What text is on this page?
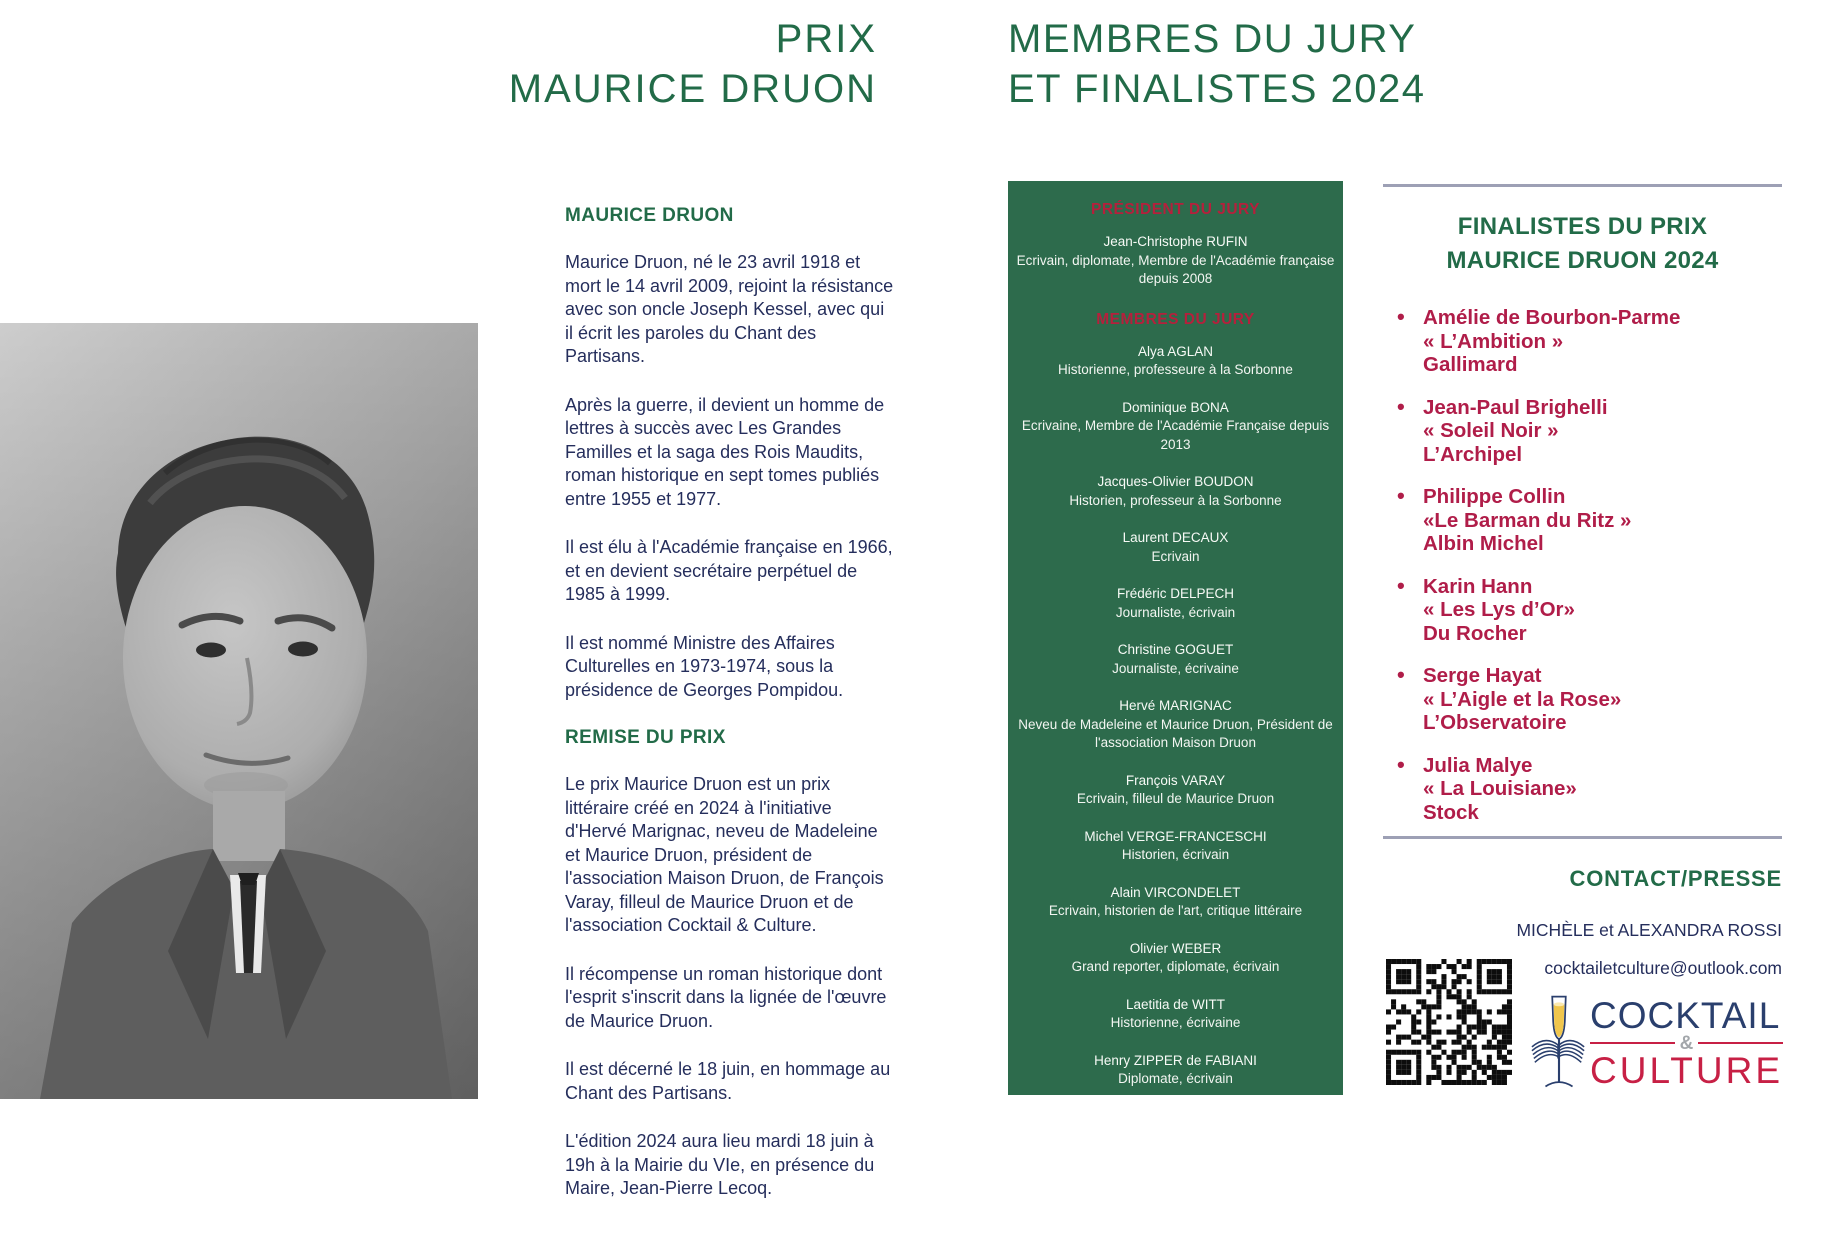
PRIX
MAURICE DRUON
MEMBRES DU JURY
ET FINALISTES 2024
MAURICE DRUON

Maurice Druon, né le 23 avril 1918 et mort le 14 avril 2009, rejoint la résistance avec son oncle Joseph Kessel, avec qui il écrit les paroles du Chant des Partisans.

Après la guerre, il devient un homme de lettres à succès avec Les Grandes Familles et la saga des Rois Maudits, roman historique en sept tomes publiés entre 1955 et 1977.

Il est élu à l'Académie française en 1966, et en devient secrétaire perpétuel de 1985 à 1999.

Il est nommé Ministre des Affaires Culturelles en 1973-1974, sous la présidence de Georges Pompidou.

REMISE DU PRIX

Le prix Maurice Druon est un prix littéraire créé en 2024 à l'initiative d'Hervé Marignac, neveu de Madeleine et Maurice Druon, président de l'association Maison Druon, de François Varay, filleul de Maurice Druon et de l'association Cocktail & Culture.

Il récompense un roman historique dont l'esprit s'inscrit dans la lignée de l'œuvre de Maurice Druon.

Il est décerné le 18 juin, en hommage au Chant des Partisans.

L'édition 2024 aura lieu mardi 18 juin à 19h à la Mairie du VIe, en présence du Maire, Jean-Pierre Lecoq.

PRÉSIDENT DU JURY
Jean-Christophe RUFIN
Ecrivain, diplomate, Membre de l'Académie française depuis 2008
MEMBRES DU JURY
Alya AGLAN
Historienne, professeure à la Sorbonne
Dominique BONA
Ecrivaine, Membre de l'Académie Française depuis 2013
Jacques-Olivier BOUDON
Historien, professeur à la Sorbonne
Laurent DECAUX
Ecrivain
Frédéric DELPECH
Journaliste, écrivain
Christine GOGUET
Journaliste, écrivaine
Hervé MARIGNAC
Neveu de Madeleine et Maurice Druon, Président de l'association Maison Druon
François VARAY
Ecrivain, filleul de Maurice Druon
Michel VERGE-FRANCESCHI
Historien, écrivain
Alain VIRCONDELET
Ecrivain, historien de l'art, critique littéraire
Olivier WEBER
Grand reporter, diplomate, écrivain
Laetitia de WITT
Historienne, écrivaine
Henry ZIPPER de FABIANI
Diplomate, écrivain
FINALISTES DU PRIX
MAURICE DRUON 2024
• Amélie de Bourbon-Parme
« L’Ambition »
Gallimard
• Jean-Paul Brighelli
« Soleil Noir »
L’Archipel
• Philippe Collin
«Le Barman du Ritz »
Albin Michel
• Karin Hann
« Les Lys d’Or»
Du Rocher
• Serge Hayat
« L’Aigle et la Rose»
L’Observatoire
• Julia Malye
« La Louisiane»
Stock
CONTACT/PRESSE
MICHÈLE et ALEXANDRA ROSSI
cocktailetculture@outlook.com
COCKTAIL
&
CULTURE
